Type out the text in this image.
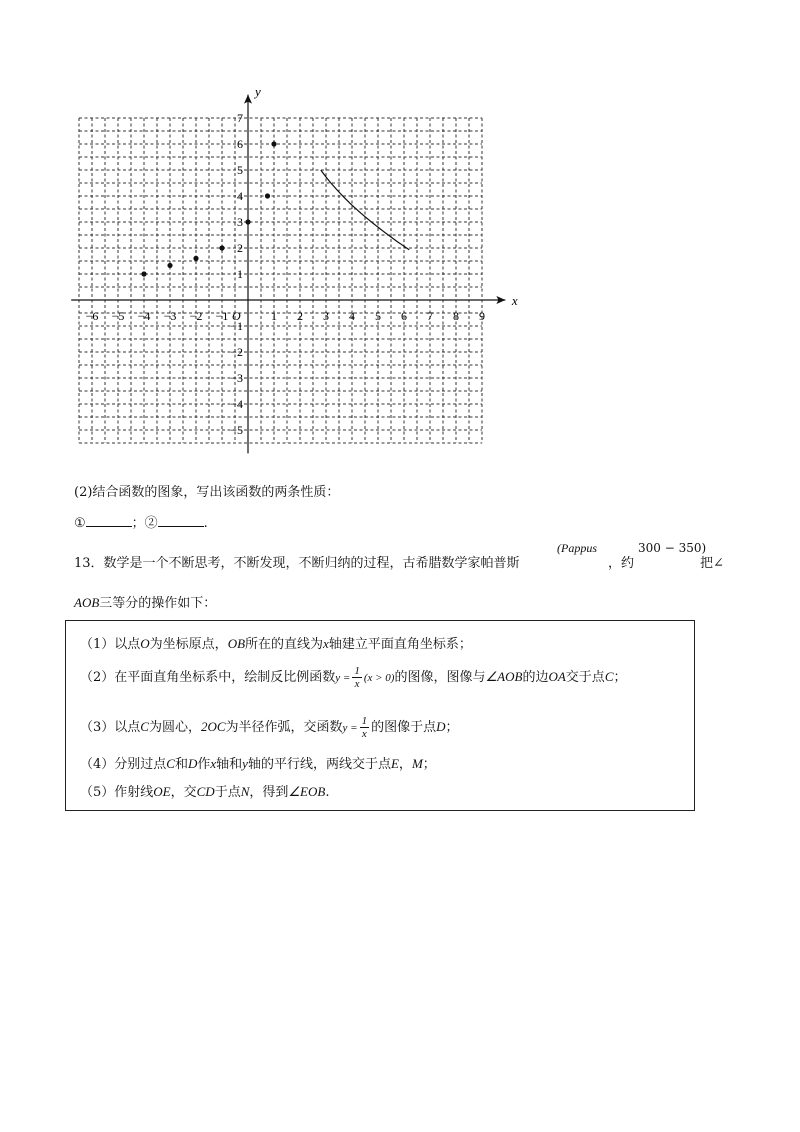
x
y
O
−6 −5 −4 −3 −2 −1	1 2 3 4 5 6 7 8 9
7
6
5
4
3
2
1
−1
−2
−3
−4
−5
(2)结合函数的图象，写出该函数的两条性质：
①	；②	.
13．数学是一个不断思考，不断发现，不断归纳的过程，古希腊数学家帕普斯
(Pappus
，约
300 − 350)
把∠
AOB三等分的操作如下：
（1）以点O为坐标原点，OB所在的直线为x轴建立平面直角坐标系；
（2）在平面直角坐标系中，绘制反比例函数$y = \frac{1}{x} (x > 0)$的图像，图像与∠AOB的边OA交于点C；
（3）以点C为圆心，2OC为半径作弧，交函数$y = \frac{1}{x}$ 的图像于点D；
（4）分别过点C和D作x轴和y轴的平行线，两线交于点E，M；
（5）作射线OE，交CD于点N，得到∠EOB.
